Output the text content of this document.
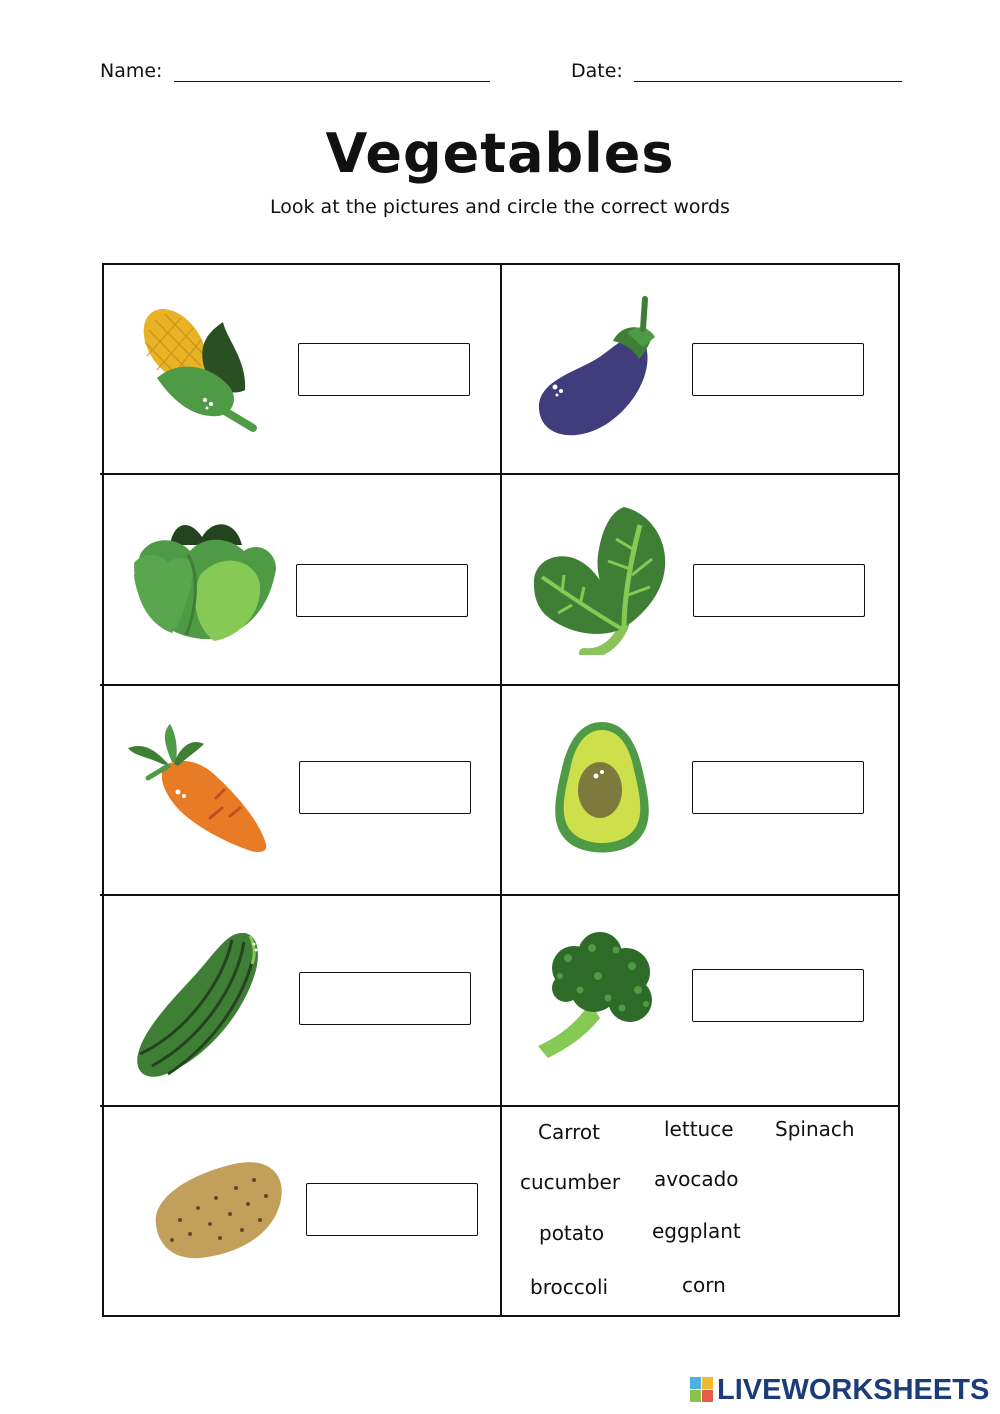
Name:	Date:
Vegetables
Look at the pictures and circle the correct words
Carrot	lettuce Spinach
cucumber avocado
potato eggplant
broccoli	corn
LIVEWORKSHEETS
